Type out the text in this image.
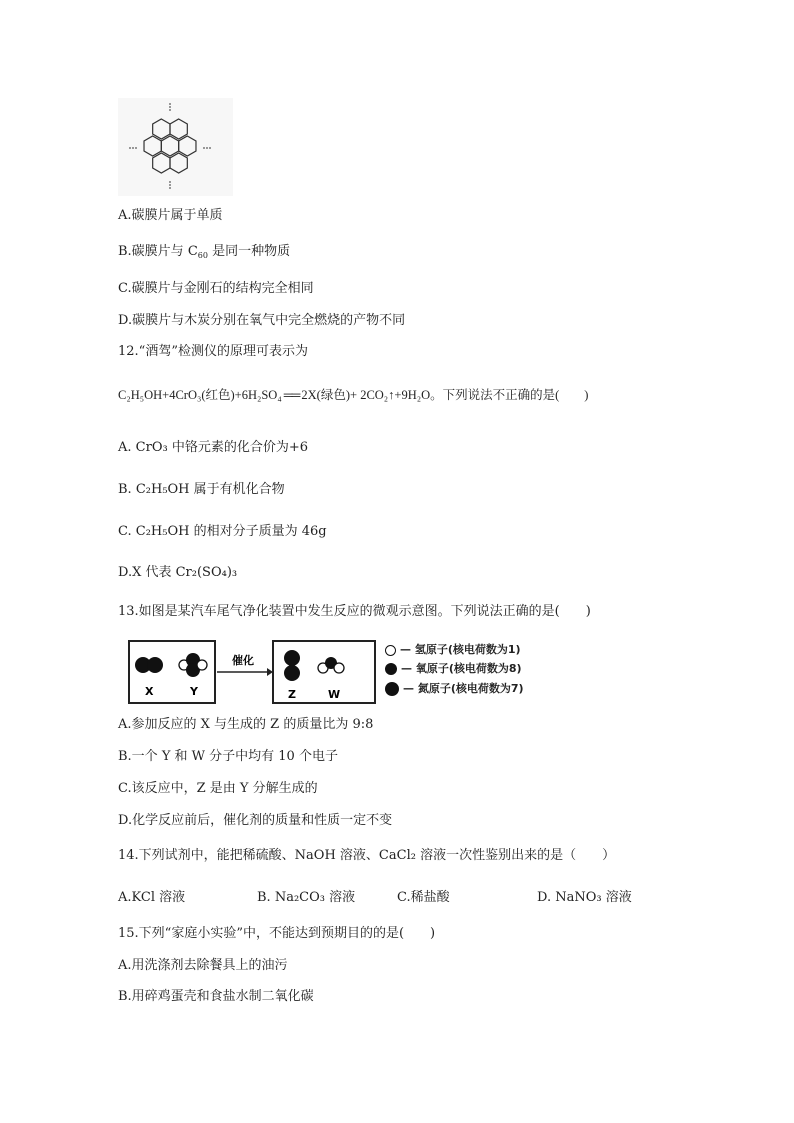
A.碳膜片属于单质
B.碳膜片与 $C_{60}$ 是同一种物质
C.碳膜片与金刚石的结构完全相同
D.碳膜片与木炭分别在氧气中完全燃烧的产物不同
12.“酒驾”检测仪的原理可表示为
C₂H₅OH+4CrO₃(红色)+6H₂SO₄ ══ 2X(绿色)+ 2CO₂↑+9H₂O。下列说法不正确的是(　　)
A. CrO₃ 中铬元素的化合价为+6
B. C₂H₅OH 属于有机化合物
C. C₂H₅OH 的相对分子质量为 46g
D.X 代表 Cr₂(SO₄)₃
13.如图是某汽车尾气净化装置中发生反应的微观示意图。下列说法正确的是(　　)
X	Y
催化
Z	W
— 氢原子(核电荷数为1)
— 氧原子(核电荷数为8)
— 氮原子(核电荷数为7)
A.参加反应的 X 与生成的 Z 的质量比为 9:8
B.一个 Y 和 W 分子中均有 10 个电子
C.该反应中，Z 是由 Y 分解生成的
D.化学反应前后，催化剂的质量和性质一定不变
14.下列试剂中，能把稀硫酸、NaOH 溶液、CaCl₂ 溶液一次性鉴别出来的是（　　）
A.KCl 溶液	B. Na₂CO₃ 溶液	C.稀盐酸	D. NaNO₃ 溶液
15.下列“家庭小实验”中，不能达到预期目的的是(　　)
A.用洗涤剂去除餐具上的油污
B.用碎鸡蛋壳和食盐水制二氧化碳
